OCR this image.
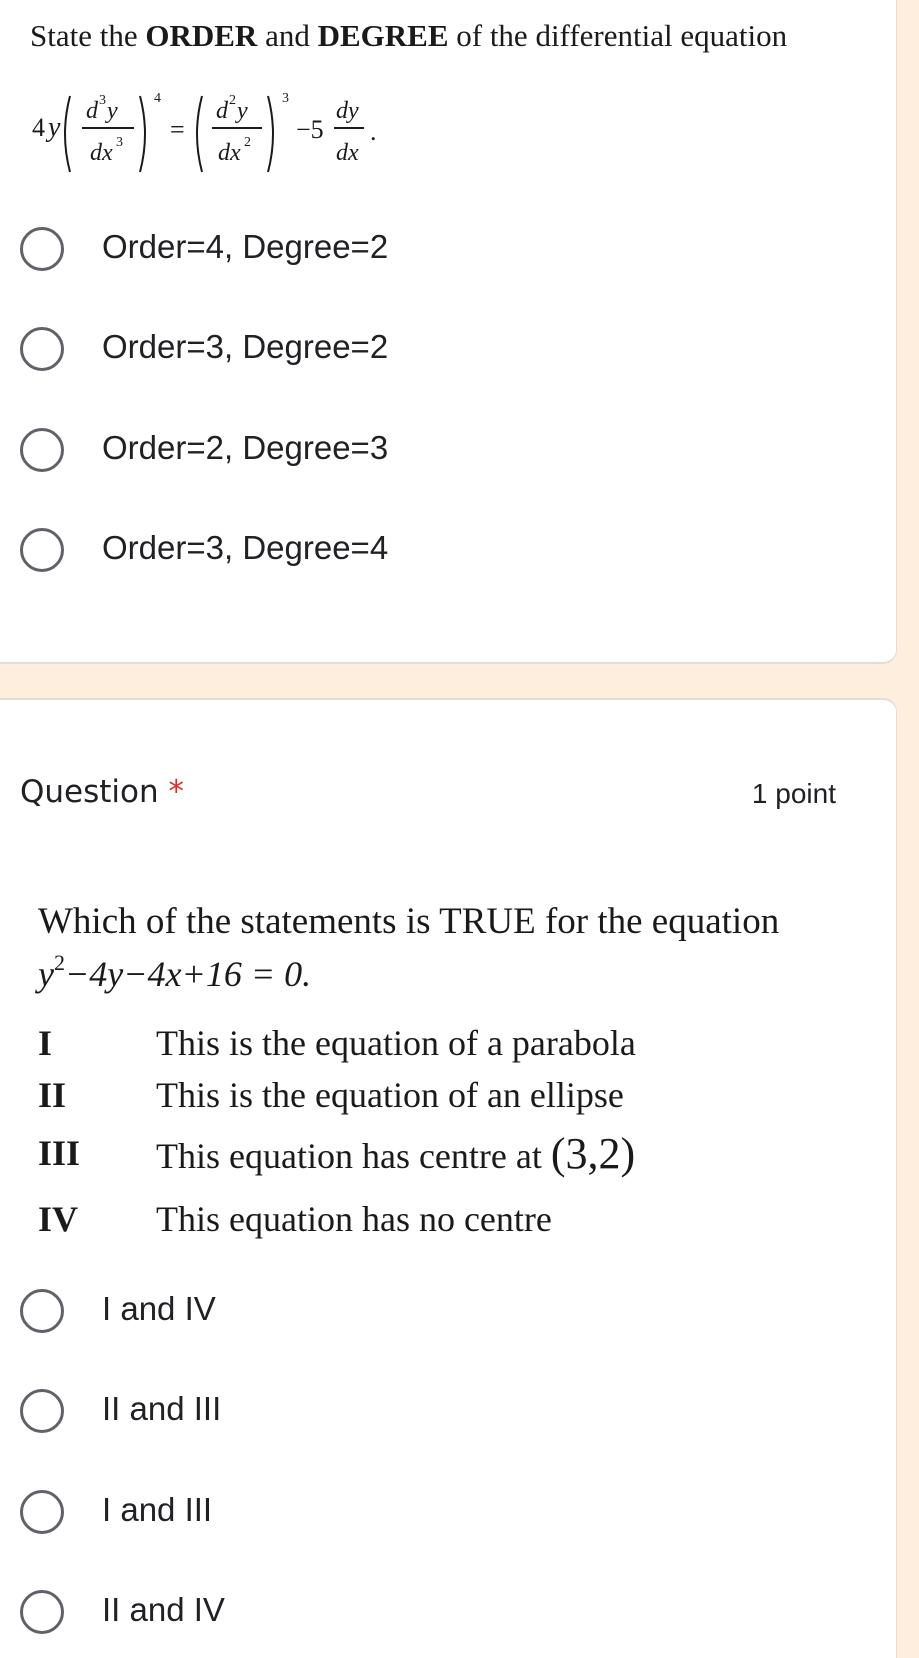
State the ORDER and DEGREE of the differential equation
4 y
d 3 y
dx 3
4
=
d 2 y
dx 2
3
−5
dy
dx
.
Order=4, Degree=2
Order=3, Degree=2
Order=2, Degree=3
Order=3, Degree=4
Question *	1 point
Which of the statements is TRUE for the equation
$y^2-4y-4x+16 = 0$.
I	This is the equation of a parabola
II This is the equation of an ellipse
III This equation has centre at (3,2)
IV This equation has no centre
I and IV
II and III
I and III
II and IV
